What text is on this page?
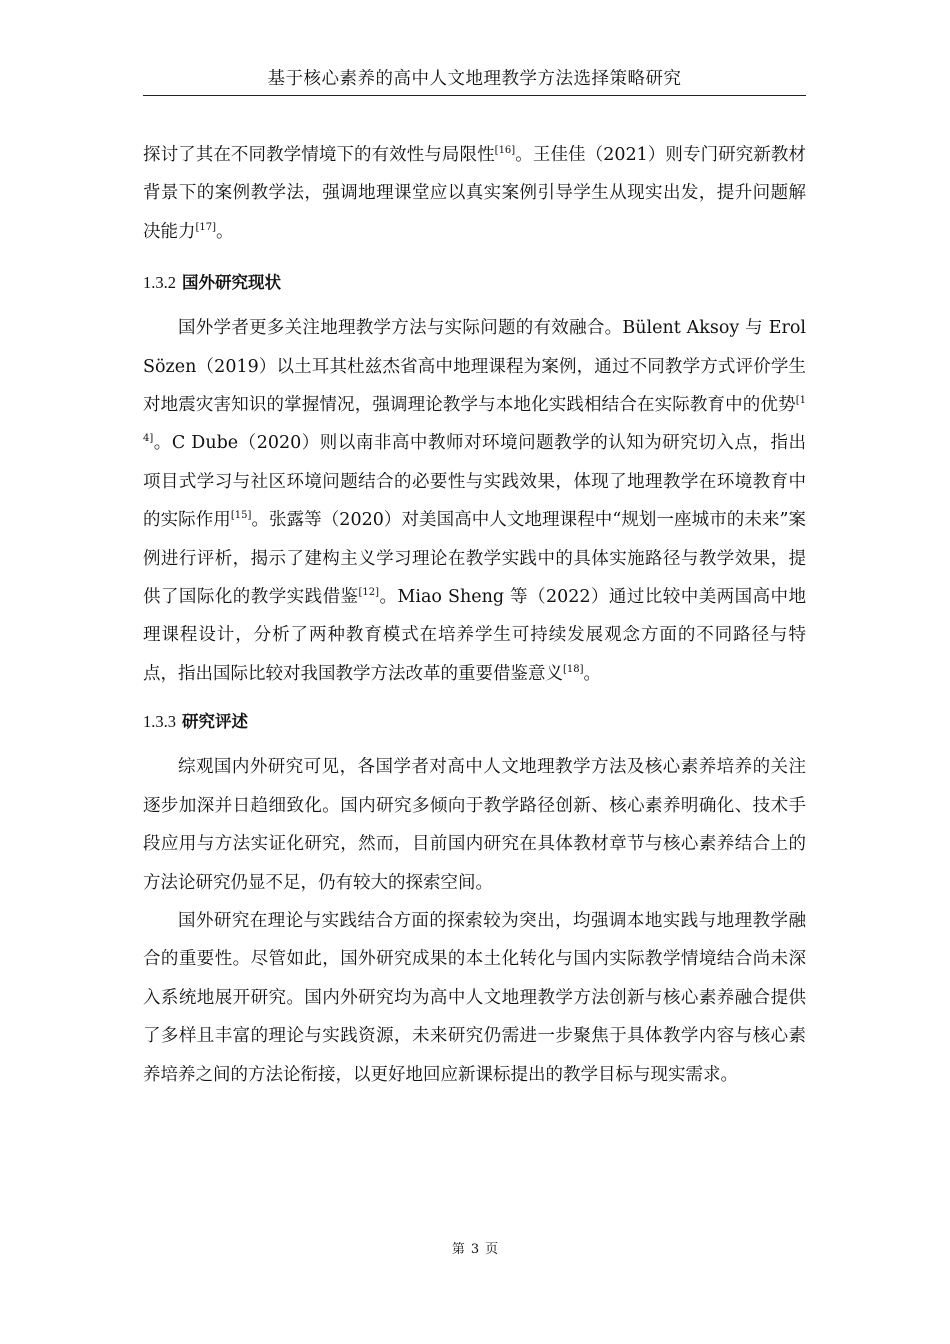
基于核心素养的高中人文地理教学方法选择策略研究

探讨了其在不同教学情境下的有效性与局限性[16]。王佳佳（2021）则专门研究新教材背景下的案例教学法，强调地理课堂应以真实案例引导学生从现实出发，提升问题解决能力[17]。

1.3.2 国外研究现状

国外学者更多关注地理教学方法与实际问题的有效融合。Bülent Aksoy 与 Erol Sözen（2019）以土耳其杜兹杰省高中地理课程为案例，通过不同教学方式评价学生对地震灾害知识的掌握情况，强调理论教学与本地化实践相结合在实际教育中的优势[14]。C Dube（2020）则以南非高中教师对环境问题教学的认知为研究切入点，指出项目式学习与社区环境问题结合的必要性与实践效果，体现了地理教学在环境教育中的实际作用[15]。张露等（2020）对美国高中人文地理课程中“规划一座城市的未来”案例进行评析，揭示了建构主义学习理论在教学实践中的具体实施路径与教学效果，提供了国际化的教学实践借鉴[12]。Miao Sheng 等（2022）通过比较中美两国高中地理课程设计，分析了两种教育模式在培养学生可持续发展观念方面的不同路径与特点，指出国际比较对我国教学方法改革的重要借鉴意义[18]。

1.3.3 研究评述

综观国内外研究可见，各国学者对高中人文地理教学方法及核心素养培养的关注逐步加深并日趋细致化。国内研究多倾向于教学路径创新、核心素养明确化、技术手段应用与方法实证化研究，然而，目前国内研究在具体教材章节与核心素养结合上的方法论研究仍显不足，仍有较大的探索空间。

国外研究在理论与实践结合方面的探索较为突出，均强调本地实践与地理教学融合的重要性。尽管如此，国外研究成果的本土化转化与国内实际教学情境结合尚未深入系统地展开研究。国内外研究均为高中人文地理教学方法创新与核心素养融合提供了多样且丰富的理论与实践资源，未来研究仍需进一步聚焦于具体教学内容与核心素养培养之间的方法论衔接，以更好地回应新课标提出的教学目标与现实需求。

第 3 页
